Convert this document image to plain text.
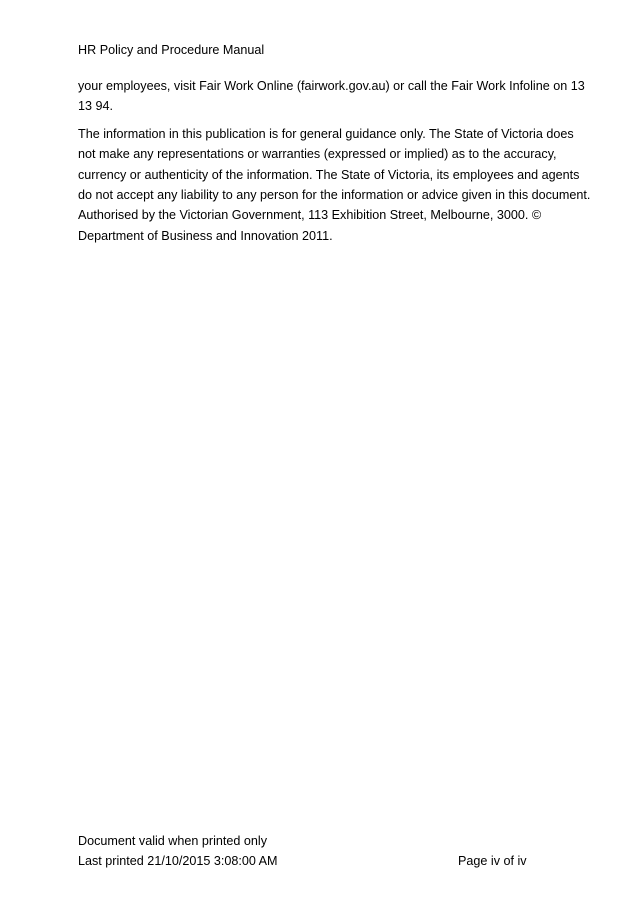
HR Policy and Procedure Manual

your employees, visit Fair Work Online (fairwork.gov.au) or call the Fair Work Infoline on 13
13 94.

The information in this publication is for general guidance only. The State of Victoria does
not make any representations or warranties (expressed or implied) as to the accuracy,
currency or authenticity of the information. The State of Victoria, its employees and agents
do not accept any liability to any person for the information or advice given in this document.
Authorised by the Victorian Government, 113 Exhibition Street, Melbourne, 3000. ©
Department of Business and Innovation 2011.

Document valid when printed only
Last printed 21/10/2015 3:08:00 AM	Page iv of iv
